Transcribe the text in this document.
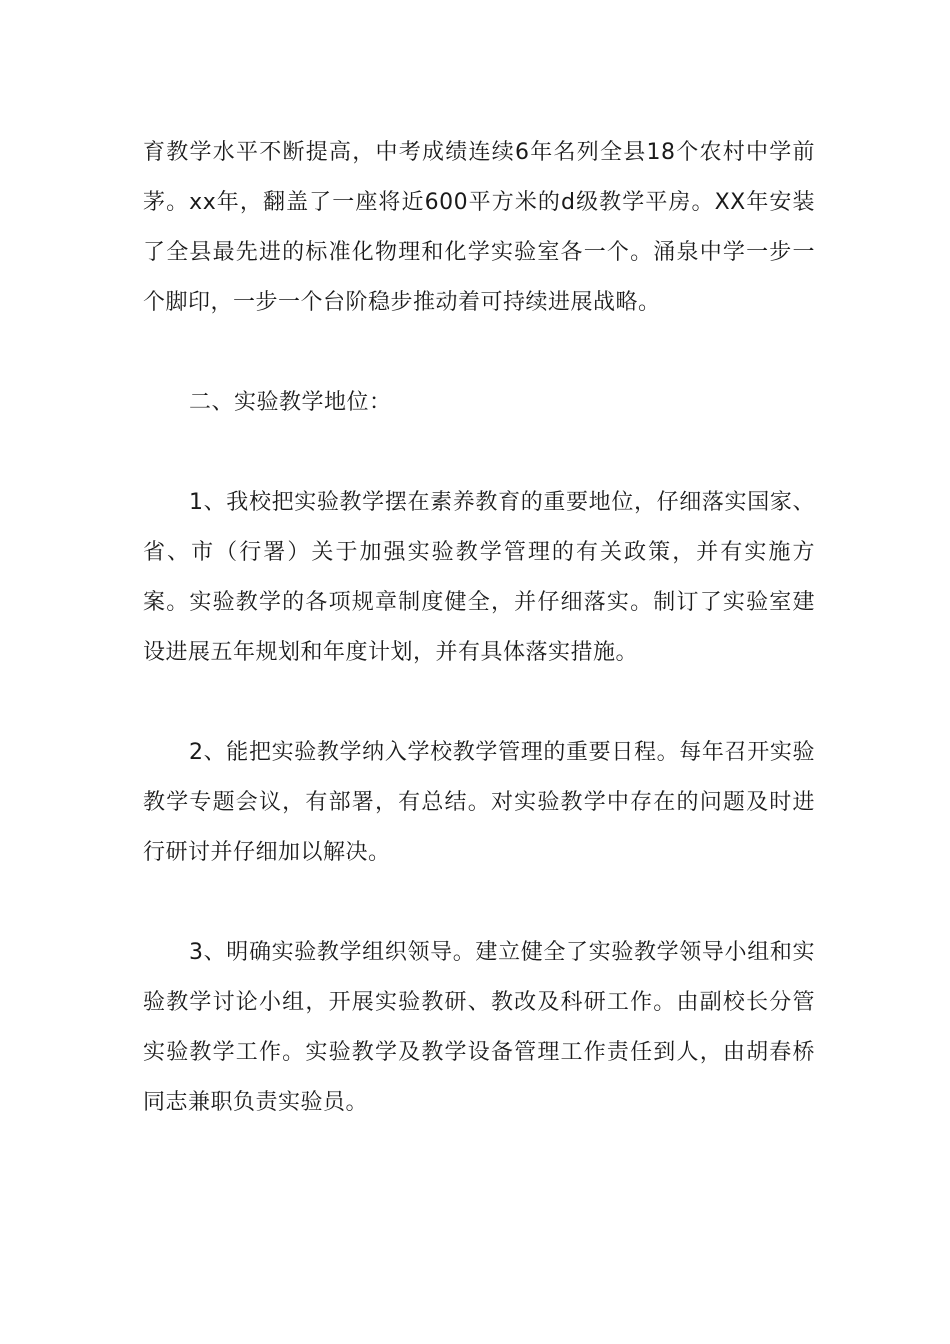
育教学水平不断提高，中考成绩连续6年名列全县18个农村中学前茅。xx年，翻盖了一座将近600平方米的d级教学平房。XX年安装了全县最先进的标准化物理和化学实验室各一个。涌泉中学一步一个脚印，一步一个台阶稳步推动着可持续进展战略。

二、实验教学地位：

1、我校把实验教学摆在素养教育的重要地位，仔细落实国家、省、市（行署）关于加强实验教学管理的有关政策，并有实施方案。实验教学的各项规章制度健全，并仔细落实。制订了实验室建设进展五年规划和年度计划，并有具体落实措施。

2、能把实验教学纳入学校教学管理的重要日程。每年召开实验教学专题会议，有部署，有总结。对实验教学中存在的问题及时进行研讨并仔细加以解决。

3、明确实验教学组织领导。建立健全了实验教学领导小组和实验教学讨论小组，开展实验教研、教改及科研工作。由副校长分管实验教学工作。实验教学及教学设备管理工作责任到人，由胡春桥同志兼职负责实验员。
